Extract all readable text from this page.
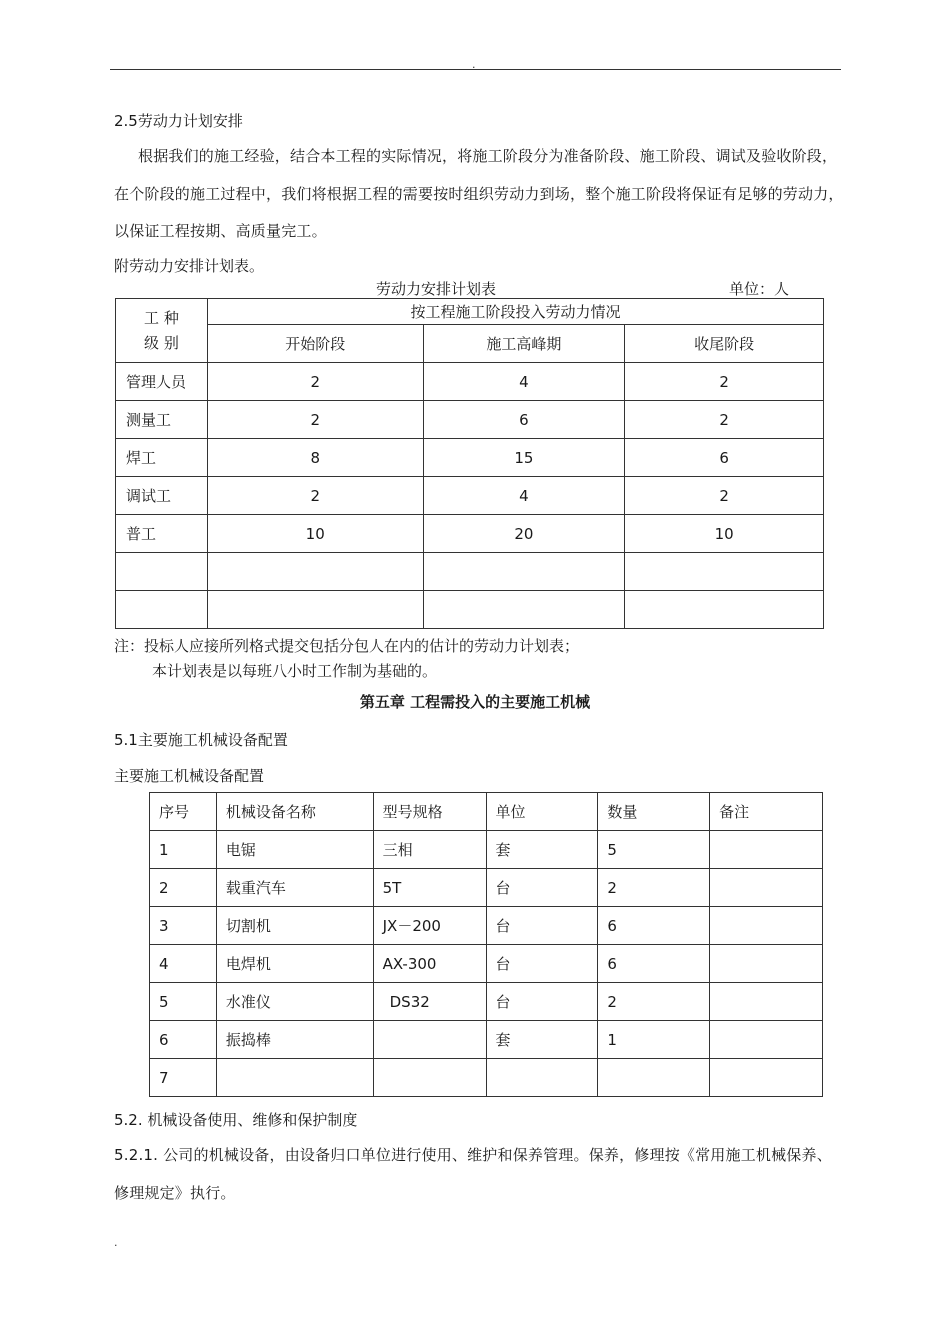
.
2.5劳动力计划安排
根据我们的施工经验，结合本工程的实际情况，将施工阶段分为准备阶段、施工阶段、调试及验收阶段，在个阶段的施工过程中，我们将根据工程的需要按时组织劳动力到场，整个施工阶段将保证有足够的劳动力，以保证工程按期、高质量完工。
附劳动力安排计划表。
劳动力安排计划表	单位：人
工 种
级 别	按工程施工阶段投入劳动力情况		
	开始阶段	施工高峰期	收尾阶段
管理人员	2	4	2
测量工	2	6	2
焊工	8	15	6
调试工	2	4	2
普工	10	20	10

注：投标人应接所列格式提交包括分包人在内的估计的劳动力计划表；
本计划表是以每班八小时工作制为基础的。
第五章 工程需投入的主要施工机械
5.1主要施工机械设备配置
主要施工机械设备配置
序号	机械设备名称	型号规格	单位	数量	备注
1	电锯	三相	套	5	
2	载重汽车	5T	台	2	
3	切割机	JX－200	台	6	
4	电焊机	AX-300	台	6	
5	水准仪	DS32	台	2	
6	振捣棒		套	1	
7					
5.2. 机械设备使用、维修和保护制度
5.2.1. 公司的机械设备，由设备归口单位进行使用、维护和保养管理。保养，修理按《常用施工机械保养、修理规定》执行。
.
